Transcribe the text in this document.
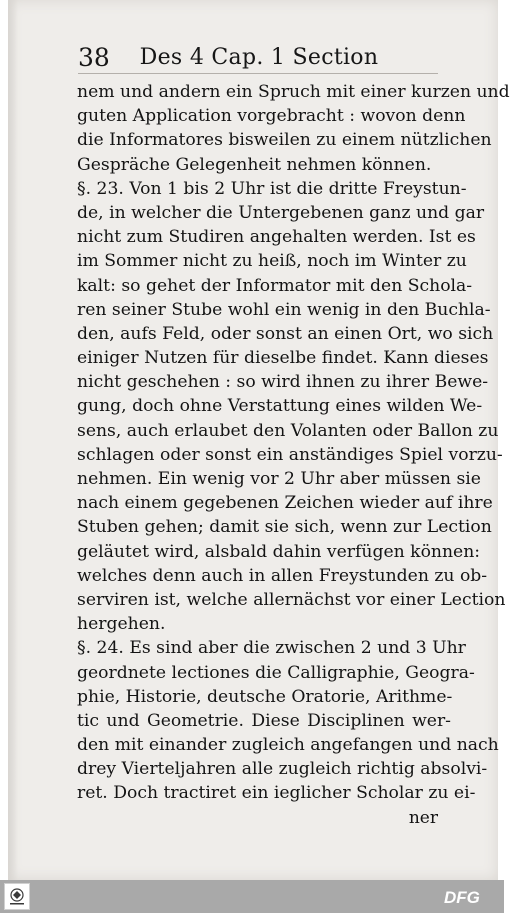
38	Des 4 Cap. 1 Section
nem und andern ein Spruch mit einer kurzen und
guten Application vorgebracht : wovon denn
die Informatores bisweilen zu einem nützlichen
Gespräche Gelegenheit nehmen können.
§. 23. Von 1 bis 2 Uhr ist die dritte Freystun-
de, in welcher die Untergebenen ganz und gar
nicht zum Studiren angehalten werden. Ist es
im Sommer nicht zu heiß, noch im Winter zu
kalt: so gehet der Informator mit den Schola-
ren seiner Stube wohl ein wenig in den Buchla-
den, aufs Feld, oder sonst an einen Ort, wo sich
einiger Nutzen für dieselbe findet. Kann dieses
nicht geschehen : so wird ihnen zu ihrer Bewe-
gung, doch ohne Verstattung eines wilden We-
sens, auch erlaubet den Volanten oder Ballon zu
schlagen oder sonst ein anständiges Spiel vorzu-
nehmen. Ein wenig vor 2 Uhr aber müssen sie
nach einem gegebenen Zeichen wieder auf ihre
Stuben gehen; damit sie sich, wenn zur Lection
geläutet wird, alsbald dahin verfügen können:
welches denn auch in allen Freystunden zu ob-
serviren ist, welche allernächst vor einer Lection
hergehen.
§. 24. Es sind aber die zwischen 2 und 3 Uhr
geordnete lectiones die Calligraphie, Geogra-
phie, Historie, deutsche Oratorie, Arithme-
tic und Geometrie. Diese Disciplinen wer-
den mit einander zugleich angefangen und nach
drey Vierteljahren alle zugleich richtig absolvi-
ret. Doch tractiret ein ieglicher Scholar zu ei-
ner
DFG
